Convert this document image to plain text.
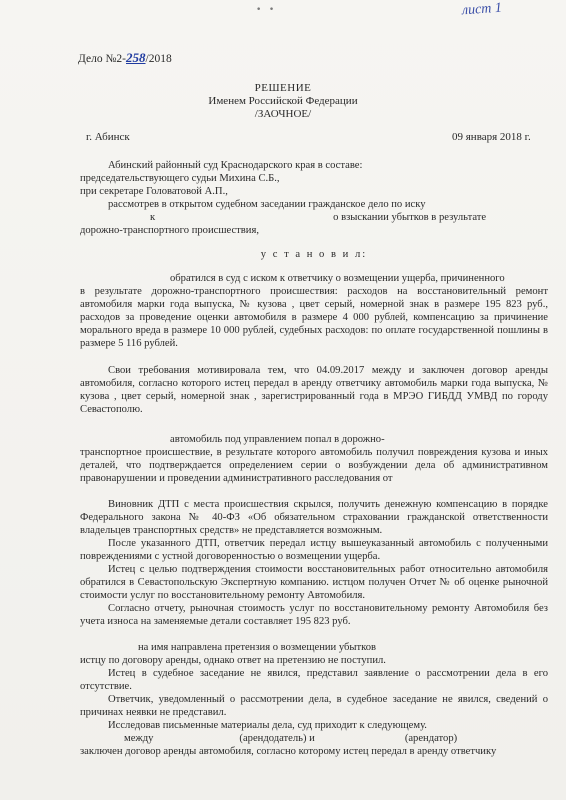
· ·	лист 1
Дело №2-258/2018
РЕШЕНИЕ
Именем Российской Федерации
/ЗАОЧНОЕ/
г. Абинск	09 января 2018 г.
Абинский районный суд Краснодарского края в составе:
председательствующего судьи Михина С.Б.,
при секретаре Головатовой А.П.,
рассмотрев в открытом судебном заседании гражданское дело по иску
к	о взыскании убытков в результате
дорожно-транспортного происшествия,
у с т а н о в и л:
обратился в суд с иском к ответчику о возмещении ущерба, причиненного
в результате дорожно-транспортного происшествия: расходов на восстановительный ремонт автомобиля марки года выпуска, № кузова , цвет серый, номерной знак в размере 195 823 руб., расходов за проведение оценки автомобиля в размере 4 000 рублей, компенсацию за причинение морального вреда в размере 10 000 рублей, судебных расходов: по оплате государственной пошлины в размере 5 116 рублей.
Свои требования мотивировала тем, что 04.09.2017 между и заключен договор аренды автомобиля, согласно которого истец передал в аренду ответчику автомобиль марки года выпуска, № кузова , цвет серый, номерной знак , зарегистрированный года в МРЭО ГИБДД УМВД по городу Севастополю.
автомобиль под управлением попал в дорожно-
транспортное происшествие, в результате которого автомобиль получил повреждения кузова и иных деталей, что подтверждается определением серии о возбуждении дела об административном правонарушении и проведении административного расследования от
Виновник ДТП с места происшествия скрылся, получить денежную компенсацию в порядке Федерального закона № 40-ФЗ «Об обязательном страховании гражданской ответственности владельцев транспортных средств» не представляется возможным.
После указанного ДТП, ответчик передал истцу вышеуказанный автомобиль с полученными повреждениями с устной договоренностью о возмещении ущерба.
Истец с целью подтверждения стоимости восстановительных работ относительно автомобиля обратился в Севастопольскую Экспертную компанию. истцом получен Отчет № об оценке рыночной стоимости услуг по восстановительному ремонту Автомобиля.
Согласно отчету, рыночная стоимость услуг по восстановительному ремонту Автомобиля без учета износа на заменяемые детали составляет 195 823 руб.
на имя направлена претензия о возмещении убытков
истцу по договору аренды, однако ответ на претензию не поступил.
Истец в судебное заседание не явился, представил заявление о рассмотрении дела в его отсутствие.
Ответчик, уведомленный о рассмотрении дела, в судебное заседание не явился, сведений о причинах неявки не представил.
Исследовав письменные материалы дела, суд приходит к следующему.
между	(арендодатель) и	(арендатор)
заключен договор аренды автомобиля, согласно которому истец передал в аренду ответчику
